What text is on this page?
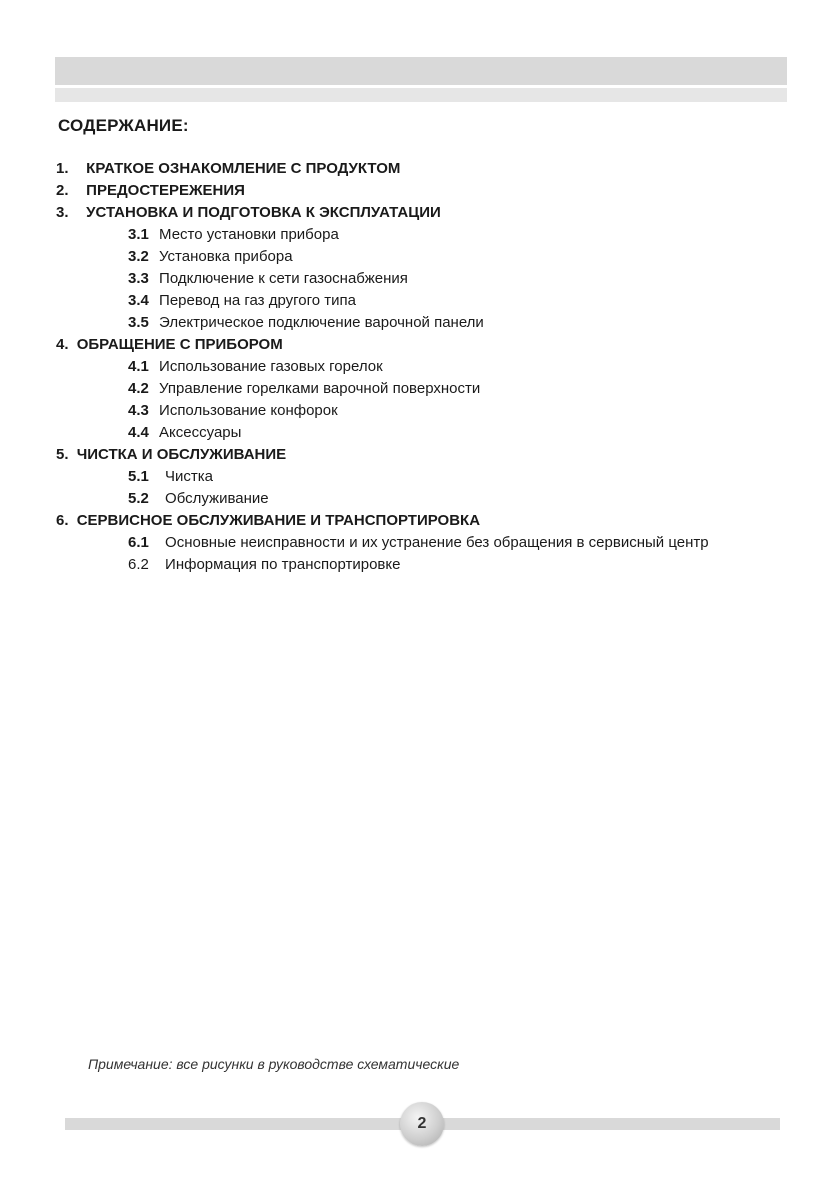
СОДЕРЖАНИЕ:
1. КРАТКОЕ ОЗНАКОМЛЕНИЕ С ПРОДУКТОМ
2. ПРЕДОСТЕРЕЖЕНИЯ
3. УСТАНОВКА И ПОДГОТОВКА К ЭКСПЛУАТАЦИИ
3.1 Место установки прибора
3.2 Установка прибора
3.3 Подключение к сети газоснабжения
3.4 Перевод на газ другого типа
3.5 Электрическое подключение варочной панели
4. ОБРАЩЕНИЕ С ПРИБОРОМ
4.1 Использование газовых горелок
4.2 Управление горелками варочной поверхности
4.3 Использование конфорок
4.4 Аксессуары
5. ЧИСТКА И ОБСЛУЖИВАНИЕ
5.1 Чистка
5.2 Обслуживание
6. СЕРВИСНОЕ ОБСЛУЖИВАНИЕ И ТРАНСПОРТИРОВКА
6.1 Основные неисправности и их устранение без обращения в сервисный центр
6.2 Информация по транспортировке
Примечание: все рисунки в руководстве схематические
2
